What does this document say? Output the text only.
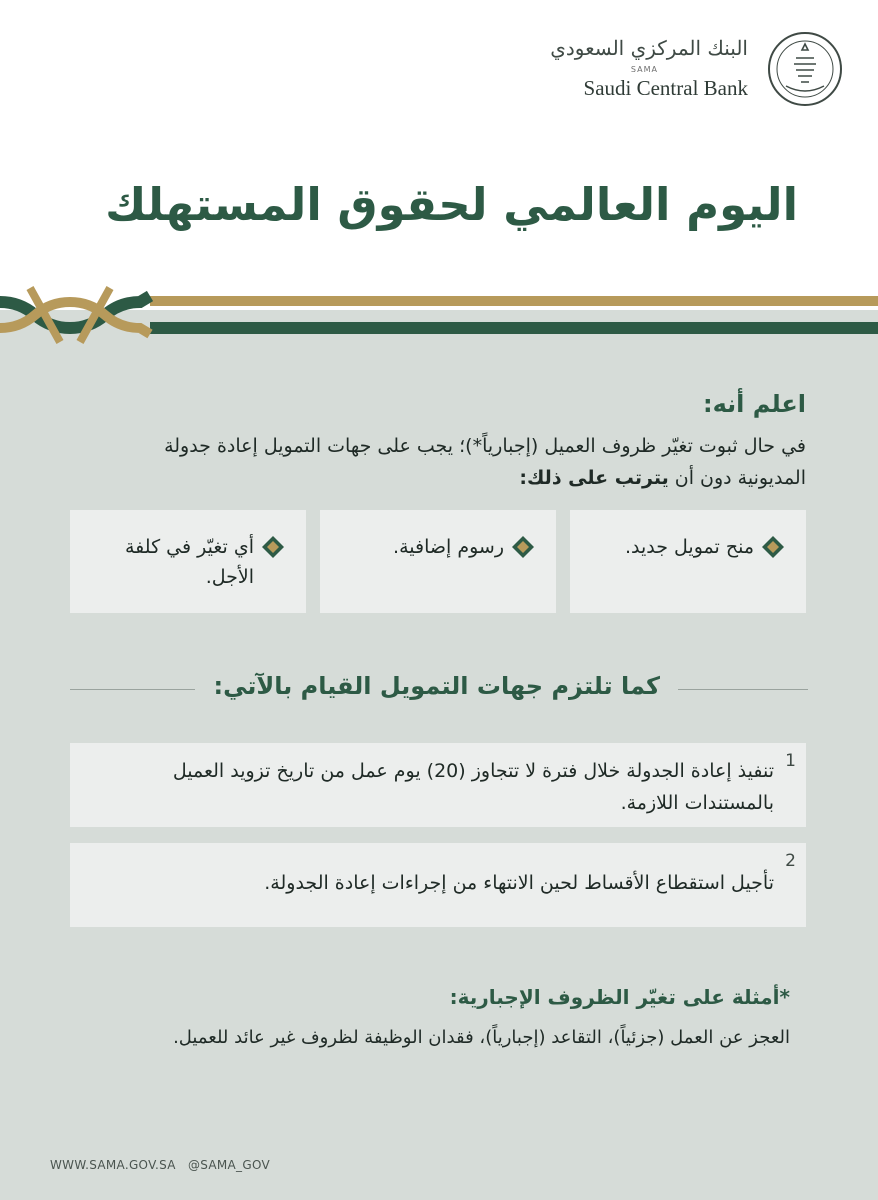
البنك المركزي السعودي
SAMA
Saudi Central Bank
اليوم العالمي لحقوق المستهلك
اعلم أنه:
في حال ثبوت تغيّر ظروف العميل (إجبارياً*)؛ يجب على جهات التمويل إعادة جدولة
المديونية دون أن يترتب على ذلك:
منح تمويل جديد.
رسوم إضافية.
أي تغيّر في كلفة الأجل.
كما تلتزم جهات التمويل القيام بالآتي:
1
تنفيذ إعادة الجدولة خلال فترة لا تتجاوز (20) يوم عمل من تاريخ تزويد العميل بالمستندات اللازمة.
2
تأجيل استقطاع الأقساط لحين الانتهاء من إجراءات إعادة الجدولة.
*أمثلة على تغيّر الظروف الإجبارية:
العجز عن العمل (جزئياً)، التقاعد (إجبارياً)، فقدان الوظيفة لظروف غير عائد للعميل.
WWW.SAMA.GOV.SA @SAMA_GOV
